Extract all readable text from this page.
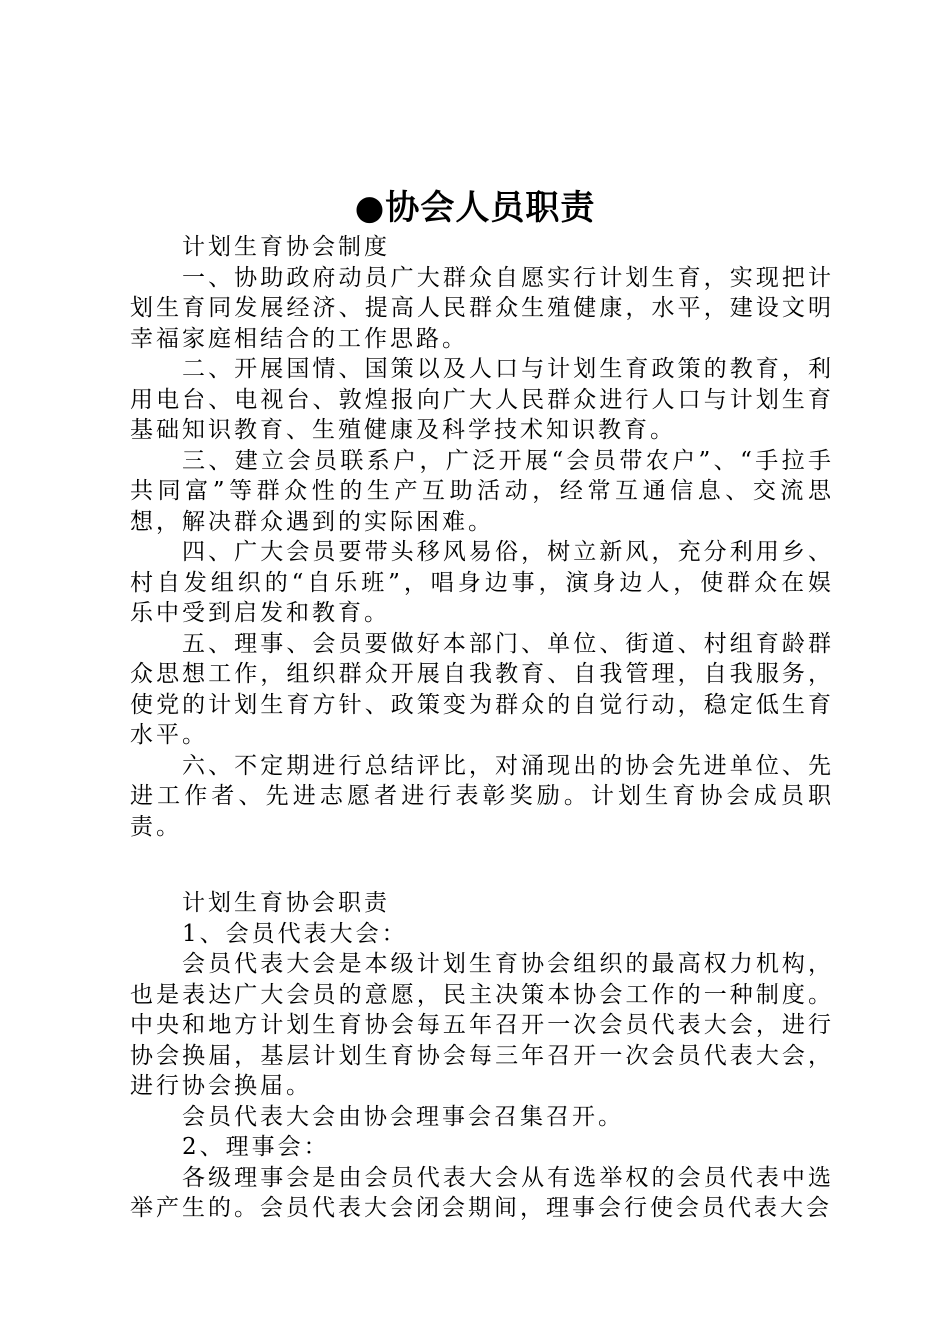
●协会人员职责

计划生育协会制度

一、协助政府动员广大群众自愿实行计划生育，实现把计划生育同发展经济、提高人民群众生殖健康，水平，建设文明幸福家庭相结合的工作思路。

二、开展国情、国策以及人口与计划生育政策的教育，利用电台、电视台、敦煌报向广大人民群众进行人口与计划生育基础知识教育、生殖健康及科学技术知识教育。

三、建立会员联系户，广泛开展“会员带农户”、“手拉手共同富”等群众性的生产互助活动，经常互通信息、交流思想，解决群众遇到的实际困难。

四、广大会员要带头移风易俗，树立新风，充分利用乡、村自发组织的“自乐班”，唱身边事，演身边人，使群众在娱乐中受到启发和教育。

五、理事、会员要做好本部门、单位、街道、村组育龄群众思想工作，组织群众开展自我教育、自我管理，自我服务，使党的计划生育方针、政策变为群众的自觉行动，稳定低生育水平。

六、不定期进行总结评比，对涌现出的协会先进单位、先进工作者、先进志愿者进行表彰奖励。计划生育协会成员职责。

计划生育协会职责

1、会员代表大会：

会员代表大会是本级计划生育协会组织的最高权力机构，也是表达广大会员的意愿，民主决策本协会工作的一种制度。中央和地方计划生育协会每五年召开一次会员代表大会，进行协会换届，基层计划生育协会每三年召开一次会员代表大会，进行协会换届。

会员代表大会由协会理事会召集召开。

2、理事会：

各级理事会是由会员代表大会从有选举权的会员代表中选举产生的。会员代表大会闭会期间，理事会行使会员代表大会
